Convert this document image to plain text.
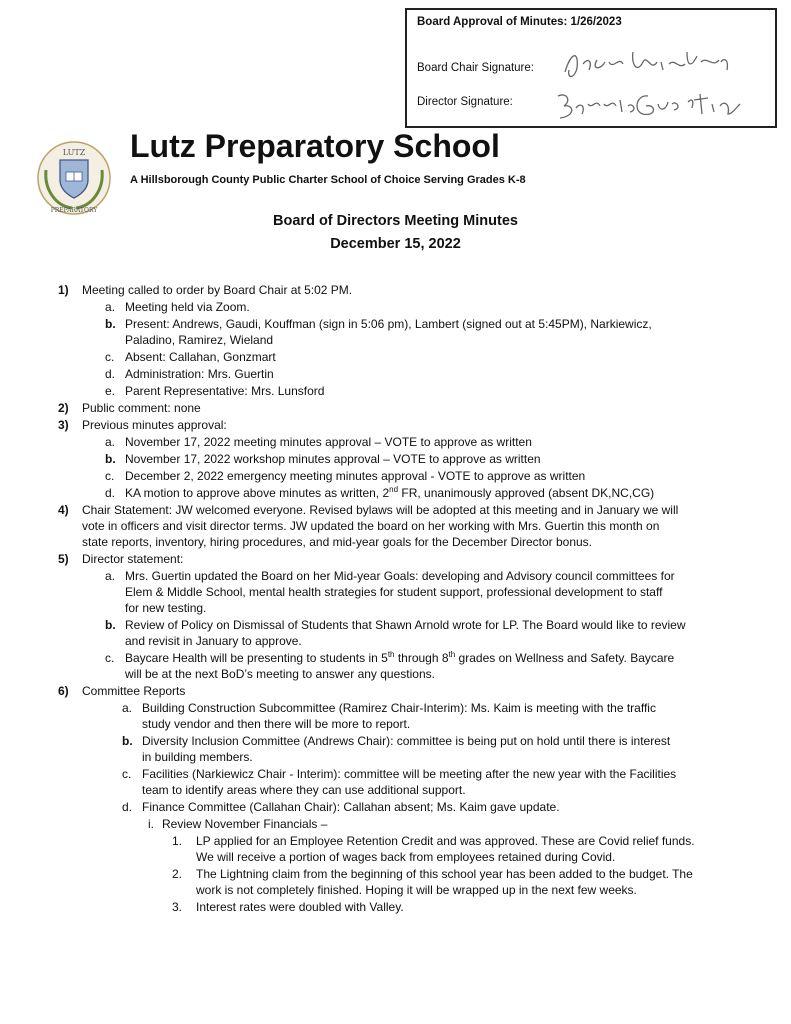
Board Approval of Minutes: 1/26/2023
Board Chair Signature:
Director Signature:
LUTZ
PREPARATORY
Lutz Preparatory School
A Hillsborough County Public Charter School of Choice Serving Grades K-8
Board of Directors Meeting Minutes
December 15, 2022
1) Meeting called to order by Board Chair at 5:02 PM.
a. Meeting held via Zoom.
b. Present: Andrews, Gaudi, Kouffman (sign in 5:06 pm), Lambert (signed out at 5:45PM), Narkiewicz,
Paladino, Ramirez, Wieland
c. Absent: Callahan, Gonzmart
d. Administration: Mrs. Guertin
e. Parent Representative: Mrs. Lunsford
2) Public comment: none
3) Previous minutes approval:
a. November 17, 2022 meeting minutes approval – VOTE to approve as written
b. November 17, 2022 workshop minutes approval – VOTE to approve as written
c. December 2, 2022 emergency meeting minutes approval - VOTE to approve as written
d. KA motion to approve above minutes as written, 2nd FR, unanimously approved (absent DK,NC,CG)
4) Chair Statement: JW welcomed everyone. Revised bylaws will be adopted at this meeting and in January we will
vote in officers and visit director terms. JW updated the board on her working with Mrs. Guertin this month on
state reports, inventory, hiring procedures, and mid-year goals for the December Director bonus.
5) Director statement:
a. Mrs. Guertin updated the Board on her Mid-year Goals: developing and Advisory council committees for
Elem & Middle School, mental health strategies for student support, professional development to staff
for new testing.
b. Review of Policy on Dismissal of Students that Shawn Arnold wrote for LP. The Board would like to review
and revisit in January to approve.
c. Baycare Health will be presenting to students in 5th through 8th grades on Wellness and Safety. Baycare
will be at the next BoD’s meeting to answer any questions.
6) Committee Reports
a. Building Construction Subcommittee (Ramirez Chair-Interim): Ms. Kaim is meeting with the traffic
study vendor and then there will be more to report.
b. Diversity Inclusion Committee (Andrews Chair): committee is being put on hold until there is interest
in building members.
c. Facilities (Narkiewicz Chair - Interim): committee will be meeting after the new year with the Facilities
team to identify areas where they can use additional support.
d. Finance Committee (Callahan Chair): Callahan absent; Ms. Kaim gave update.
i. Review November Financials –
1. LP applied for an Employee Retention Credit and was approved. These are Covid relief funds.
We will receive a portion of wages back from employees retained during Covid.
2. The Lightning claim from the beginning of this school year has been added to the budget. The
work is not completely finished. Hoping it will be wrapped up in the next few weeks.
3. Interest rates were doubled with Valley.
